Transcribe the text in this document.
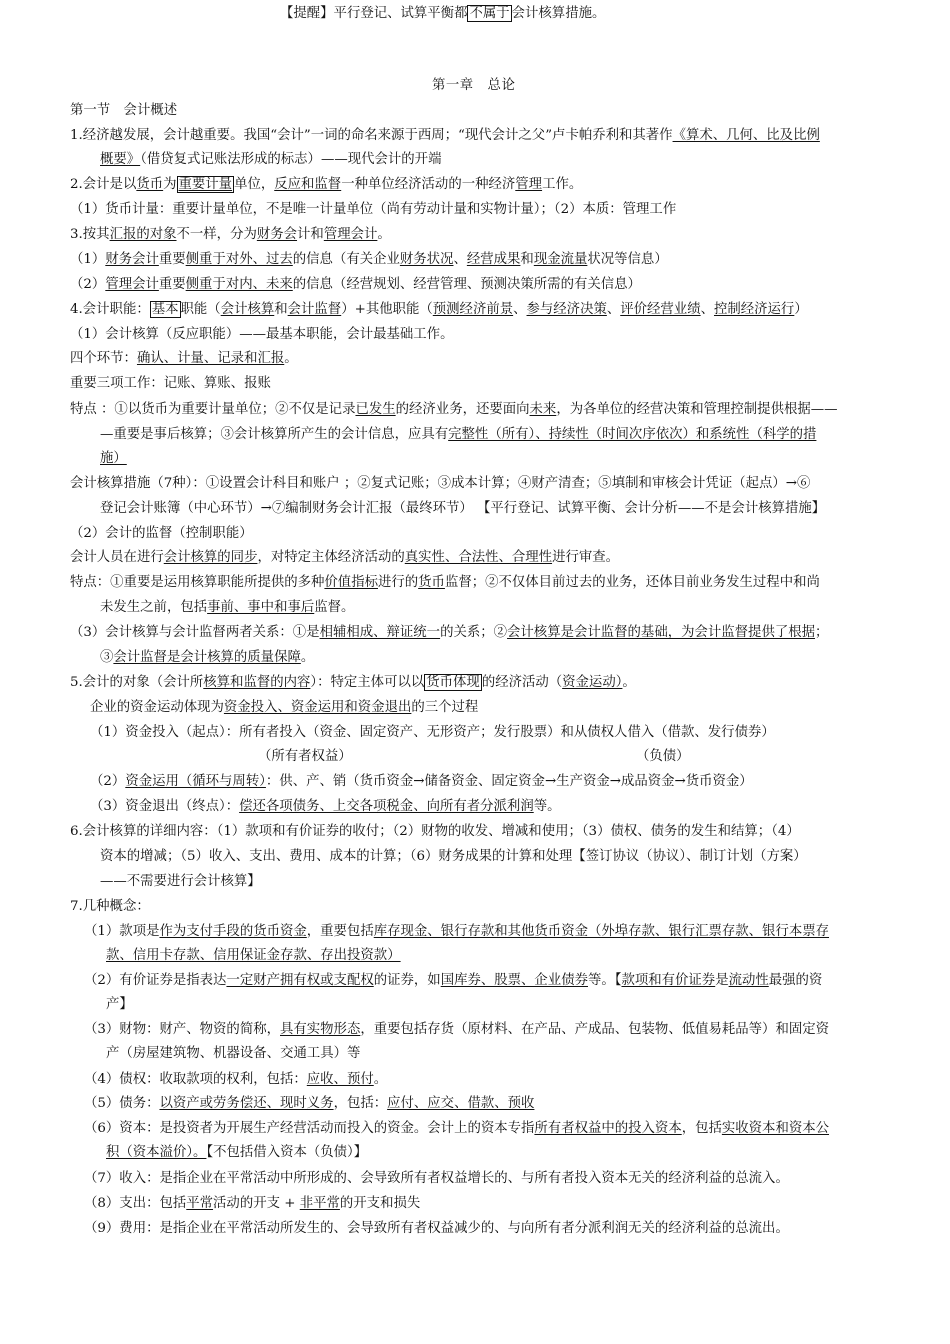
【提醒】平行登记、试算平衡都 不属于 会计核算措施。
第一章　总论
第一节　会计概述
1.经济越发展，会计越重要。我国“会计”一词的命名来源于西周；“现代会计之父”卢卡帕乔利和其著作《算术、几何、比及比例
概要》（借贷复式记账法形成的标志）——现代会计的开端
2.会计是以货币为 重要计量 单位，反应和监督一种单位经济活动的一种经济管理工作。
（1）货币计量：重要计量单位，不是唯一计量单位（尚有劳动计量和实物计量）；（2）本质：管理工作
3.按其汇报的对象不一样，分为财务会计和管理会计。
（1）财务会计重要侧重于对外、过去的信息（有关企业财务状况、经营成果和现金流量状况等信息）
（2）管理会计重要侧重于对内、未来的信息（经营规划、经营管理、预测决策所需的有关信息）
4.会计职能： 基本 职能（会计核算和会计监督）+其他职能（预测经济前景、参与经济决策、评价经营业绩、控制经济运行）
（1）会计核算（反应职能）——最基本职能，会计最基础工作。
四个环节：确认、计量、记录和汇报。
重要三项工作：记账、算账、报账
特点 ：①以货币为重要计量单位；②不仅是记录已发生的经济业务，还要面向未来，为各单位的经营决策和管理控制提供根据——
—重要是事后核算；③会计核算所产生的会计信息，应具有完整性（所有）、持续性（时间次序依次）和系统性（科学的措
施）
会计核算措施（7种）：①设置会计科目和账户 ；②复式记账；③成本计算；④财产清查；⑤填制和审核会计凭证（起点）→⑥
登记会计账簿（中心环节）→⑦编制财务会计汇报（最终环节） 【平行登记、试算平衡、会计分析——不是会计核算措施】
（2）会计的监督（控制职能）
会计人员在进行会计核算的同步，对特定主体经济活动的真实性、合法性、合理性进行审查。
特点：①重要是运用核算职能所提供的多种价值指标进行的货币监督；②不仅体目前过去的业务，还体目前业务发生过程中和尚
未发生之前，包括事前、事中和事后监督。
（3）会计核算与会计监督两者关系：①是相辅相成、辩证统一的关系；②会计核算是会计监督的基础，为会计监督提供了根据；
③会计监督是会计核算的质量保障。
5.会计的对象（会计所核算和监督的内容）：特定主体可以以 货币体现 的经济活动（资金运动）。
企业的资金运动体现为资金投入、资金运用和资金退出的三个过程
（1）资金投入（起点）：所有者投入（资金、固定资产、无形资产；发行股票）和从债权人借入（借款、发行债券）
（所有者权益）	（负债）
（2）资金运用（循环与周转）：供、产、销（货币资金→储备资金、固定资金→生产资金→成品资金→货币资金）
（3）资金退出（终点）：偿还各项债务、上交各项税金、向所有者分派利润等。
6.会计核算的详细内容：（1）款项和有价证券的收付；（2）财物的收发、增减和使用；（3）债权、债务的发生和结算；（4）
资本的增减；（5）收入、支出、费用、成本的计算；（6）财务成果的计算和处理【签订协议（协议）、制订计划（方案）
——不需要进行会计核算】
7.几种概念：
（1）款项是作为支付手段的货币资金，重要包括库存现金、银行存款和其他货币资金（外埠存款、银行汇票存款、银行本票存
款、信用卡存款、信用保证金存款、存出投资款）
（2）有价证券是指表达一定财产拥有权或支配权的证券，如国库券、股票、企业债券等。【款项和有价证券是流动性最强的资
产】
（3）财物：财产、物资的简称，具有实物形态，重要包括存货（原材料、在产品、产成品、包装物、低值易耗品等）和固定资
产（房屋建筑物、机器设备、交通工具）等
（4）债权：收取款项的权利，包括：应收、预付。
（5）债务：以资产或劳务偿还、现时义务，包括：应付、应交、借款、预收
（6）资本：是投资者为开展生产经营活动而投入的资金。会计上的资本专指所有者权益中的投入资本，包括实收资本和资本公
积（资本溢价）。【不包括借入资本（负债）】
（7）收入：是指企业在平常活动中所形成的、会导致所有者权益增长的、与所有者投入资本无关的经济利益的总流入。
（8）支出：包括平常活动的开支 + 非平常的开支和损失
（9）费用：是指企业在平常活动所发生的、会导致所有者权益减少的、与向所有者分派利润无关的经济利益的总流出。
